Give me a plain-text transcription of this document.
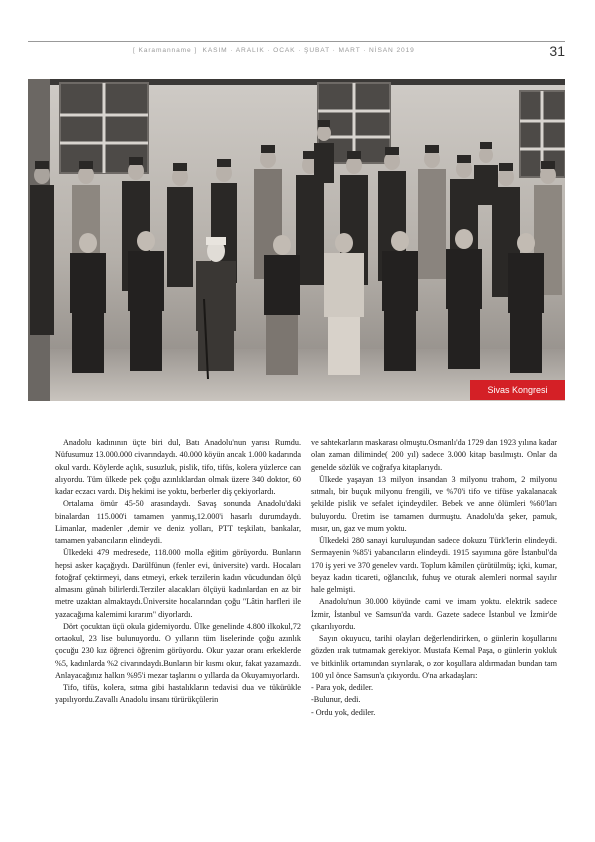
[ Karamanname ] KASIM · ARALIK · OCAK · ŞUBAT · MART · NİSAN 2019	31
Sivas Kongresi

Anadolu kadınının üçte biri dul, Batı Anadolu'nun yarısı Rumdu. Nüfusumuz 13.000.000 civarındaydı. 40.000 köyün ancak 1.000 kadarında okul vardı. Köylerde açlık, susuzluk, pislik, tifo, tifüs, kolera yüzlerce can alıyordu. Tüm ülkede pek çoğu azınlıklardan olmak üzere 340 doktor, 60 kadar eczacı vardı. Diş hekimi ise yoktu, berberler diş çekiyorlardı.

Ortalama ömür 45-50 arasındaydı. Savaş sonunda Anadolu'daki binalardan 115.000'i tamamen yanmış,12.000'i hasarlı durumdaydı. Limanlar, madenler ,demir ve deniz yolları, PTT teşkilatı, bankalar, tamamen yabancıların elindeydi.

Ülkedeki 479 medresede, 118.000 molla eğitim görüyordu. Bunların hepsi asker kaçağıydı. Darülfünun (fenler evi, üniversite) vardı. Hocaları fotoğraf çektirmeyi, dans etmeyi, erkek terzilerin kadın vücudundan ölçü almasını günah bilirlerdi.Terziler alacakları ölçüyü kadınlardan en az bir metre uzaktan almaktaydı.Üniversite hocalarından çoğu "Lâtin harfleri ile yazacağıma kalemimi kırarım" diyorlardı.

Dört çocuktan üçü okula gidemiyordu. Ülke genelinde 4.800 ilkokul,72 ortaokul, 23 lise bulunuyordu. O yılların tüm liselerinde çoğu azınlık çocuğu 230 kız öğrenci öğrenim görüyordu. Okur yazar oranı erkeklerde %5, kadınlarda %2 civarındaydı.Bunların bir kısmı okur, fakat yazamazdı. Anlayacağınız halkın %95'i mezar taşlarını o yıllarda da Okuyamıyorlardı.

Tifo, tifüs, kolera, sıtma gibi hastalıkların tedavisi dua ve tükürükle yapılıyordu.Zavallı Anadolu insanı türürükçülerin

ve sahtekarların maskarası olmuştu.Osmanlı'da 1729 dan 1923 yılına kadar olan zaman diliminde( 200 yıl) sadece 3.000 kitap basılmıştı. Onlar da genelde sözlük ve coğrafya kitaplarıydı.

Ülkede yaşayan 13 milyon insandan 3 milyonu trahom, 2 milyonu sıtmalı, bir buçuk milyonu frengili, ve %70'i tifo ve tifüse yakalanacak şekilde pislik ve sefalet içindeydiler. Bebek ve anne ölümleri %60'ları buluyordu. Üretim ise tamamen durmuştu. Anadolu'da şeker, pamuk, mısır, un, gaz ve mum yoktu.

Ülkedeki 280 sanayi kuruluşundan sadece dokuzu Türk'lerin elindeydi. Sermayenin %85'i yabancıların elindeydi. 1915 sayımına göre İstanbul'da 170 iş yeri ve 370 genelev vardı. Toplum kâmilen çürütülmüş; içki, kumar, beyaz kadın ticareti, oğlancılık, fuhuş ve oturak alemleri normal sayılır hale gelmişti.

Anadolu'nun 30.000 köyünde cami ve imam yoktu. elektrik sadece İzmir, İstanbul ve Samsun'da vardı. Gazete sadece İstanbul ve İzmir'de çıkarılıyordu.

Sayın okuyucu, tarihi olayları değerlendirirken, o günlerin koşullarını gözden ırak tutmamak gerekiyor. Mustafa Kemal Paşa, o günlerin yokluk ve bitkinlik ortamından sıyrılarak, o zor koşullara aldırmadan bundan tam 100 yıl önce Samsun'a çıkıyordu. O'na arkadaşları:

- Para yok, dediler.

-Bulunur, dedi.

- Ordu yok, dediler.
